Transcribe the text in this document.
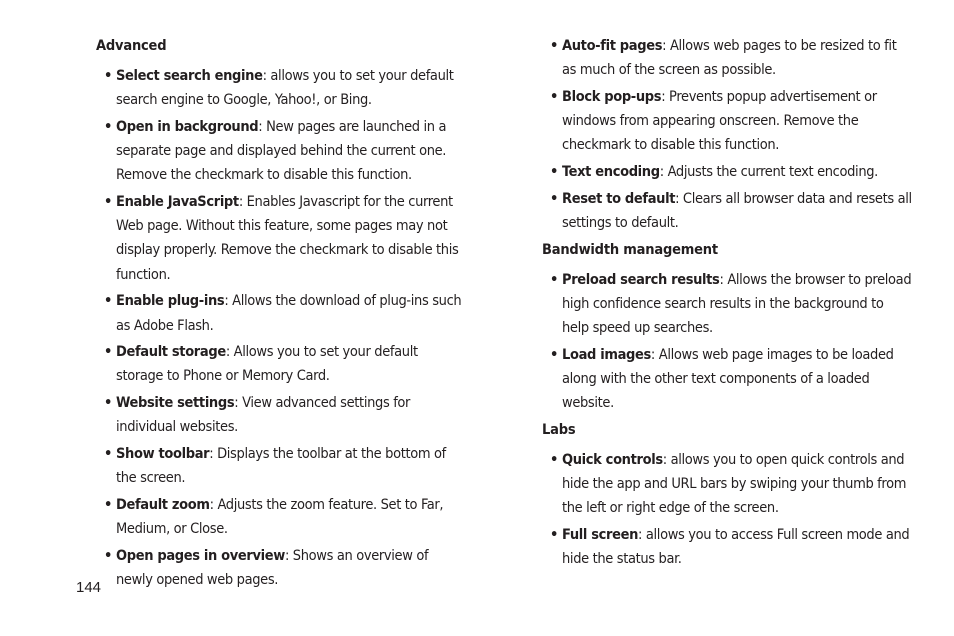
Advanced
• Select search engine: allows you to set your default search engine to Google, Yahoo!, or Bing.
• Open in background: New pages are launched in a separate page and displayed behind the current one. Remove the checkmark to disable this function.
• Enable JavaScript: Enables Javascript for the current Web page. Without this feature, some pages may not display properly. Remove the checkmark to disable this function.
• Enable plug-ins: Allows the download of plug-ins such as Adobe Flash.
• Default storage: Allows you to set your default storage to Phone or Memory Card.
• Website settings: View advanced settings for individual websites.
• Show toolbar: Displays the toolbar at the bottom of the screen.
• Default zoom: Adjusts the zoom feature. Set to Far, Medium, or Close.
• Open pages in overview: Shows an overview of newly opened web pages.
• Auto-fit pages: Allows web pages to be resized to fit as much of the screen as possible.
• Block pop-ups: Prevents popup advertisement or windows from appearing onscreen. Remove the checkmark to disable this function.
• Text encoding: Adjusts the current text encoding.
• Reset to default: Clears all browser data and resets all settings to default.
Bandwidth management
• Preload search results: Allows the browser to preload high confidence search results in the background to help speed up searches.
• Load images: Allows web page images to be loaded along with the other text components of a loaded website.
Labs
• Quick controls: allows you to open quick controls and hide the app and URL bars by swiping your thumb from the left or right edge of the screen.
• Full screen: allows you to access Full screen mode and hide the status bar.
144
